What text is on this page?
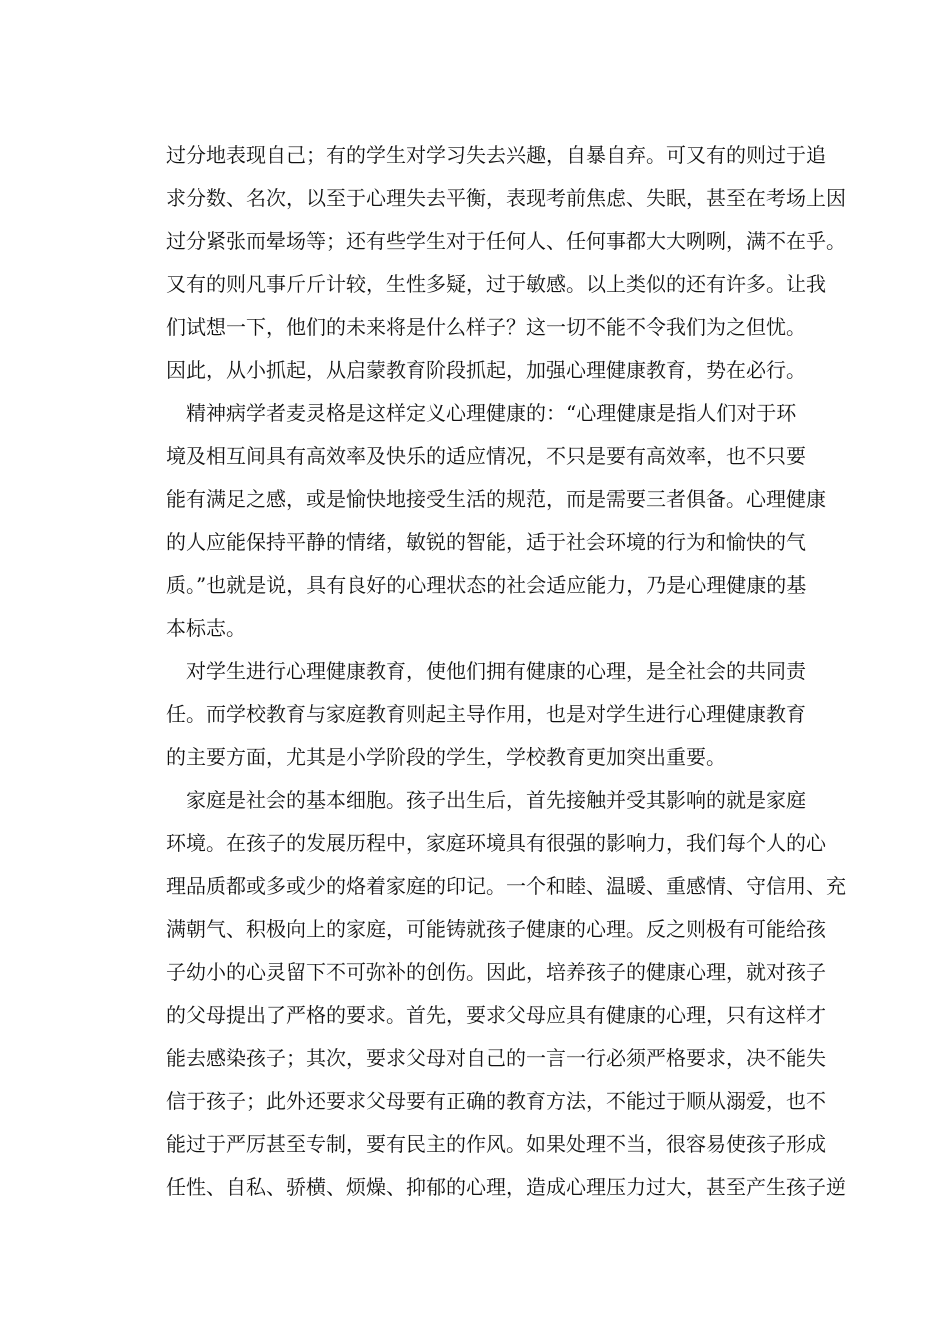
过分地表现自己；有的学生对学习失去兴趣，自暴自弃。可又有的则过于追
求分数、名次，以至于心理失去平衡，表现考前焦虑、失眠，甚至在考场上因
过分紧张而晕场等；还有些学生对于任何人、任何事都大大咧咧，满不在乎。
又有的则凡事斤斤计较，生性多疑，过于敏感。以上类似的还有许多。让我
们试想一下，他们的未来将是什么样子？这一切不能不令我们为之但忧。
因此，从小抓起，从启蒙教育阶段抓起，加强心理健康教育，势在必行。
精神病学者麦灵格是这样定义心理健康的：“心理健康是指人们对于环
境及相互间具有高效率及快乐的适应情况，不只是要有高效率，也不只要
能有满足之感，或是愉快地接受生活的规范，而是需要三者俱备。心理健康
的人应能保持平静的情绪，敏锐的智能，适于社会环境的行为和愉快的气
质。”也就是说，具有良好的心理状态的社会适应能力，乃是心理健康的基
本标志。
对学生进行心理健康教育，使他们拥有健康的心理，是全社会的共同责
任。而学校教育与家庭教育则起主导作用，也是对学生进行心理健康教育
的主要方面，尤其是小学阶段的学生，学校教育更加突出重要。
家庭是社会的基本细胞。孩子出生后，首先接触并受其影响的就是家庭
环境。在孩子的发展历程中，家庭环境具有很强的影响力，我们每个人的心
理品质都或多或少的烙着家庭的印记。一个和睦、温暖、重感情、守信用、充
满朝气、积极向上的家庭，可能铸就孩子健康的心理。反之则极有可能给孩
子幼小的心灵留下不可弥补的创伤。因此，培养孩子的健康心理，就对孩子
的父母提出了严格的要求。首先，要求父母应具有健康的心理，只有这样才
能去感染孩子；其次，要求父母对自己的一言一行必须严格要求，决不能失
信于孩子；此外还要求父母要有正确的教育方法，不能过于顺从溺爱，也不
能过于严厉甚至专制，要有民主的作风。如果处理不当，很容易使孩子形成
任性、自私、骄横、烦燥、抑郁的心理，造成心理压力过大，甚至产生孩子逆
